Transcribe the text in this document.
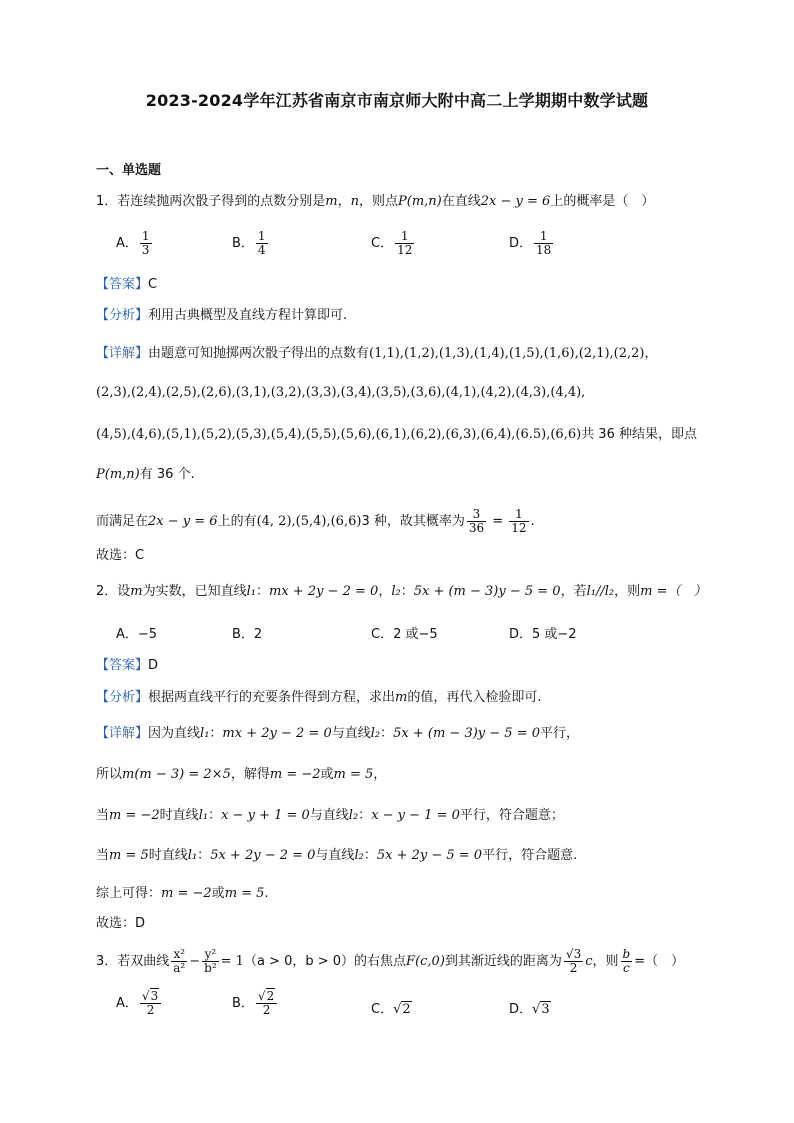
2023-2024学年江苏省南京市南京师大附中高二上学期期中数学试题
一、单选题
1．若连续抛两次骰子得到的点数分别是m，n，则点P(m,n)在直线2x − y = 6上的概率是（　）
A． $\frac{1}{3}$	B． $\frac{1}{4}$	C． $\frac{1}{12}$	D． $\frac{1}{18}$
【答案】C
【分析】利用古典概型及直线方程计算即可.
【详解】由题意可知抛掷两次骰子得出的点数有(1,1),(1,2),(1,3),(1,4),(1,5),(1,6),(2,1),(2,2)，
(2,3),(2,4),(2,5),(2,6),(3,1),(3,2),(3,3),(3,4),(3,5),(3,6),(4,1),(4,2),(4,3),(4,4),
(4,5),(4,6),(5,1),(5,2),(5,3),(5,4),(5,5),(5,6),(6,1),(6,2),(6,3),(6,4),(6.5),(6,6)共 36 种结果，即点
P(m,n)有 36 个.
而满足在2x − y = 6上的有(4, 2),(5,4),(6,6)3 种，故其概率为 $\frac{3}{36} = \frac{1}{12}$ .
故选：C
2．设m为实数，已知直线l₁：mx + 2y − 2 = 0，l₂：5x + (m − 3)y − 5 = 0，若l₁//l₂，则m =（　）
A．−5	B．2	C．2 或−5	D．5 或−2
【答案】D
【分析】根据两直线平行的充要条件得到方程，求出m的值，再代入检验即可.
【详解】因为直线l₁：mx + 2y − 2 = 0与直线l₂：5x + (m − 3)y − 5 = 0平行，
所以m(m − 3) = 2×5，解得m = −2或m = 5，
当m = −2时直线l₁：x − y + 1 = 0与直线l₂：x − y − 1 = 0平行，符合题意；
当m = 5时直线l₁：5x + 2y − 2 = 0与直线l₂：5x + 2y − 5 = 0平行，符合题意.
综上可得：m = −2或m = 5.
故选：D
3．若双曲线 $\frac{\text{x²}}{\text{a²}} - \frac{\text{y²}}{\text{b²}} = 1(a > 0$，b > 0）的右焦点F(c,0)到其渐近线的距离为 $\frac{√3}{2}$ c，则 $\frac{b}{c}$ =（　）
A． $\frac{√3}{2}$	B． $\frac{√2}{2}$	C．√2	D．√3
